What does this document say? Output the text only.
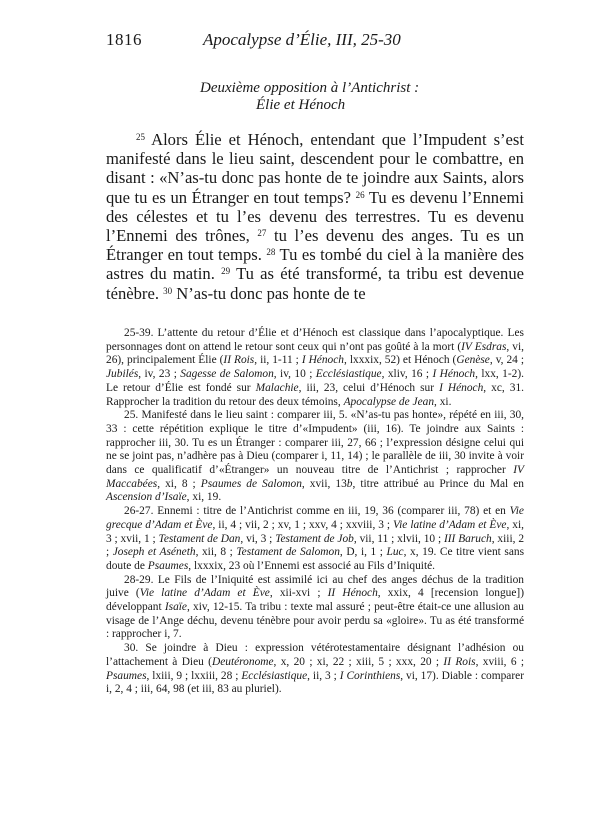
1816	Apocalypse d’Élie, III, 25-30
Deuxième opposition à l’Antichrist :
Élie et Hénoch

$^{25}$ Alors Élie et Hénoch, entendant que l’Impudent s’est manifesté dans le lieu saint, descendent pour le combattre, en disant : «N’as-tu donc pas honte de te joindre aux Saints, alors que tu es un Étranger en tout temps? $^{26}$ Tu es devenu l’Ennemi des célestes et tu l’es devenu des terrestres. Tu es devenu l’Ennemi des trônes, $^{27}$ tu l’es devenu des anges. Tu es un Étranger en tout temps. $^{28}$ Tu es tombé du ciel à la manière des astres du matin. $^{29}$ Tu as été transformé, ta tribu est devenue ténèbre. $^{30}$ N’as-tu donc pas honte de te

25-39. L’attente du retour d’Élie et d’Hénoch est classique dans l’apocalyptique. Les personnages dont on attend le retour sont ceux qui n’ont pas goûté à la mort (IV Esdras, vi, 26), principalement Élie (II Rois, ii, 1-11 ; I Hénoch, lxxxix, 52) et Hénoch (Genèse, v, 24 ; Jubilés, iv, 23 ; Sagesse de Salomon, iv, 10 ; Ecclésiastique, xliv, 16 ; I Hénoch, lxx, 1-2). Le retour d’Élie est fondé sur Malachie, iii, 23, celui d’Hénoch sur I Hénoch, xc, 31. Rapprocher la tradition du retour des deux témoins, Apocalypse de Jean, xi.

25. Manifesté dans le lieu saint : comparer iii, 5. «N’as-tu pas honte», répété en iii, 30, 33 : cette répétition explique le titre d’«Impudent» (iii, 16). Te joindre aux Saints : rapprocher iii, 30. Tu es un Étranger : comparer iii, 27, 66 ; l’expression désigne celui qui ne se joint pas, n’adhère pas à Dieu (comparer i, 11, 14) ; le parallèle de iii, 30 invite à voir dans ce qualificatif d’«Étranger» un nouveau titre de l’Antichrist ; rapprocher IV Maccabées, xi, 8 ; Psaumes de Salomon, xvii, 13b, titre attribué au Prince du Mal en Ascension d’Isaïe, xi, 19.

26-27. Ennemi : titre de l’Antichrist comme en iii, 19, 36 (comparer iii, 78) et en Vie grecque d’Adam et Ève, ii, 4 ; vii, 2 ; xv, 1 ; xxv, 4 ; xxviii, 3 ; Vie latine d’Adam et Ève, xi, 3 ; xvii, 1 ; Testament de Dan, vi, 3 ; Testament de Job, vii, 11 ; xlvii, 10 ; III Baruch, xiii, 2 ; Joseph et Aséneth, xii, 8 ; Testament de Salomon, D, i, 1 ; Luc, x, 19. Ce titre vient sans doute de Psaumes, lxxxix, 23 où l’Ennemi est associé au Fils d’Iniquité.

28-29. Le Fils de l’Iniquité est assimilé ici au chef des anges déchus de la tradition juive (Vie latine d’Adam et Ève, xii-xvi ; II Hénoch, xxix, 4 [recension longue]) développant Isaïe, xiv, 12-15. Ta tribu : texte mal assuré ; peut-être était-ce une allusion au visage de l’Ange déchu, devenu ténèbre pour avoir perdu sa «gloire». Tu as été transformé : rapprocher i, 7.

30. Se joindre à Dieu : expression vétérotestamentaire désignant l’adhésion ou l’attachement à Dieu (Deutéronome, x, 20 ; xi, 22 ; xiii, 5 ; xxx, 20 ; II Rois, xviii, 6 ; Psaumes, lxiii, 9 ; lxxiii, 28 ; Ecclésiastique, ii, 3 ; I Corinthiens, vi, 17). Diable : comparer i, 2, 4 ; iii, 64, 98 (et iii, 83 au pluriel).
